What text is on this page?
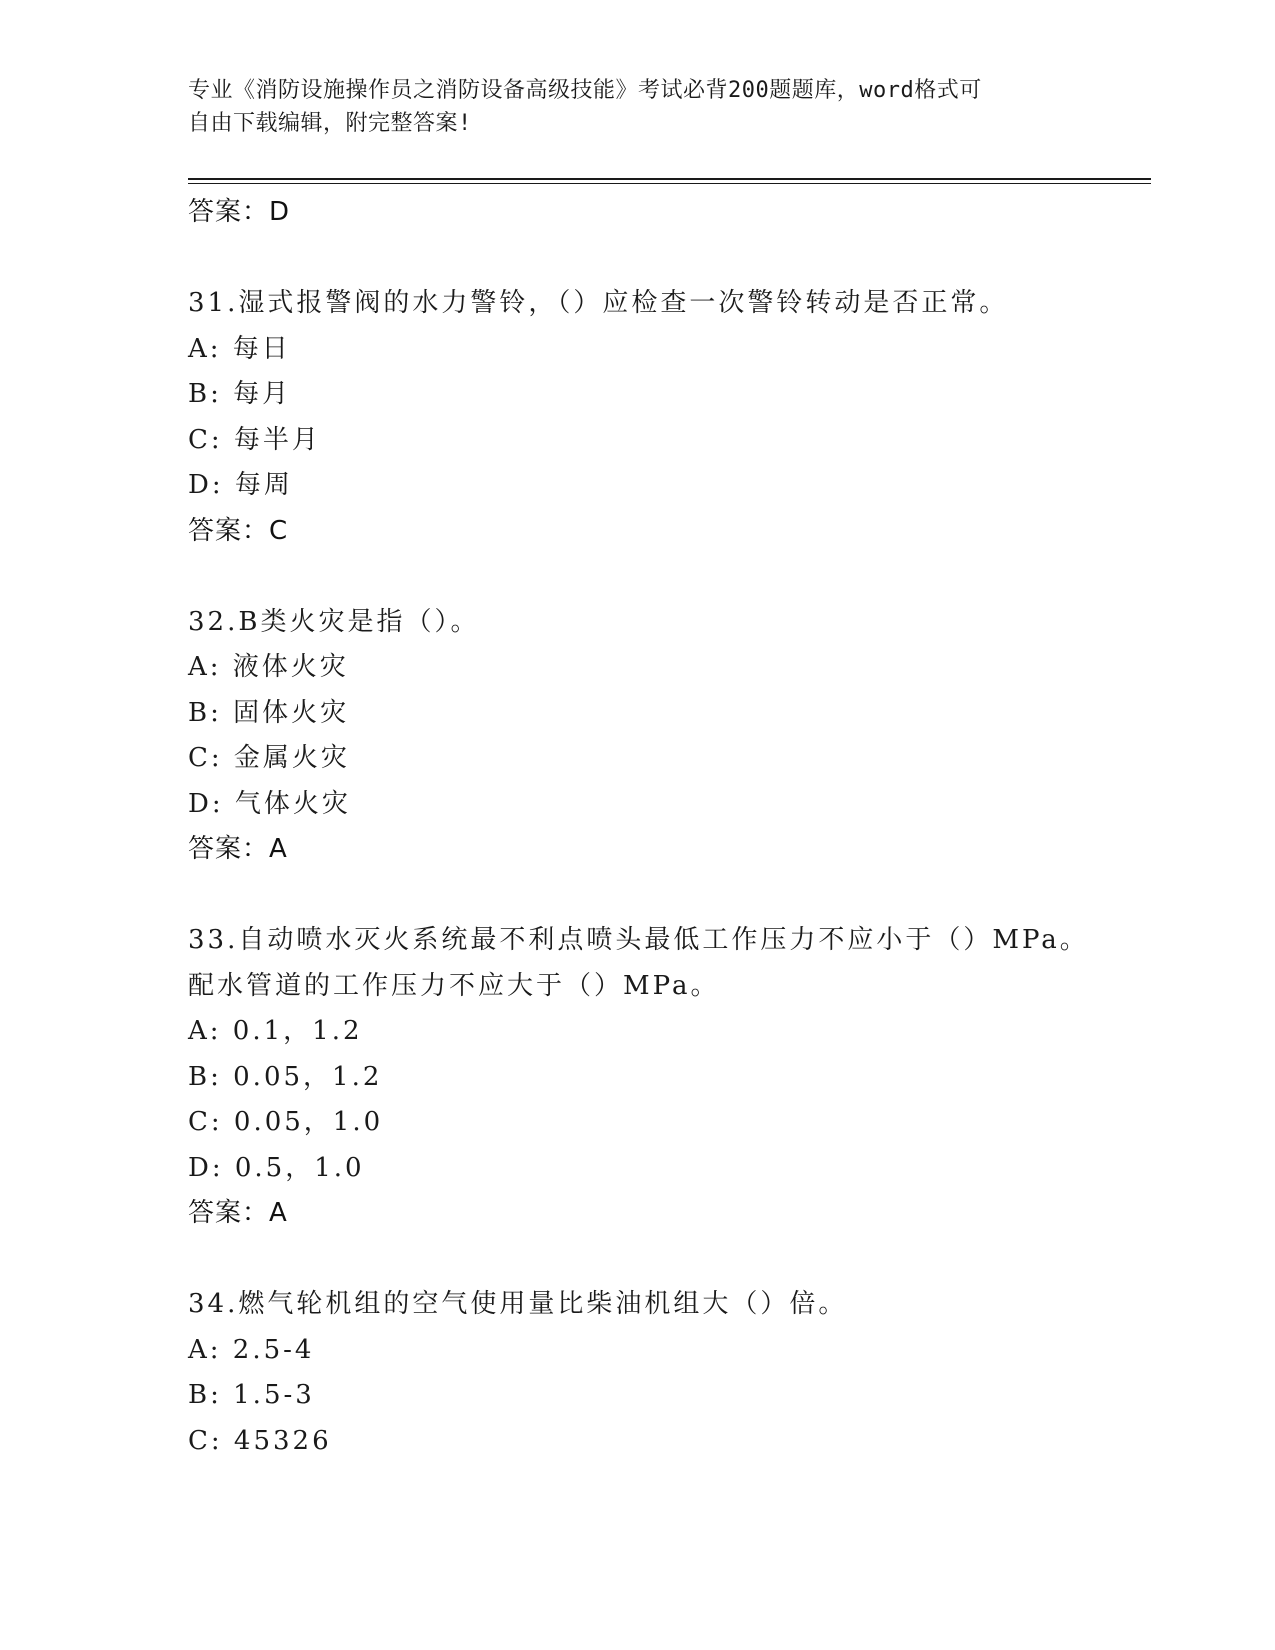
专业《消防设施操作员之消防设备高级技能》考试必背200题题库，word格式可
自由下载编辑，附完整答案!
答案：D
31.湿式报警阀的水力警铃，（）应检查一次警铃转动是否正常。
A: 每日
B: 每月
C: 每半月
D: 每周
答案：C
32.B类火灾是指（）。
A: 液体火灾
B: 固体火灾
C: 金属火灾
D: 气体火灾
答案：A
33.自动喷水灭火系统最不利点喷头最低工作压力不应小于（）MPa。
配水管道的工作压力不应大于（）MPa。
A: 0.1，1.2
B: 0.05，1.2
C: 0.05，1.0
D: 0.5，1.0
答案：A
34.燃气轮机组的空气使用量比柴油机组大（）倍。
A: 2.5-4
B: 1.5-3
C: 45326
